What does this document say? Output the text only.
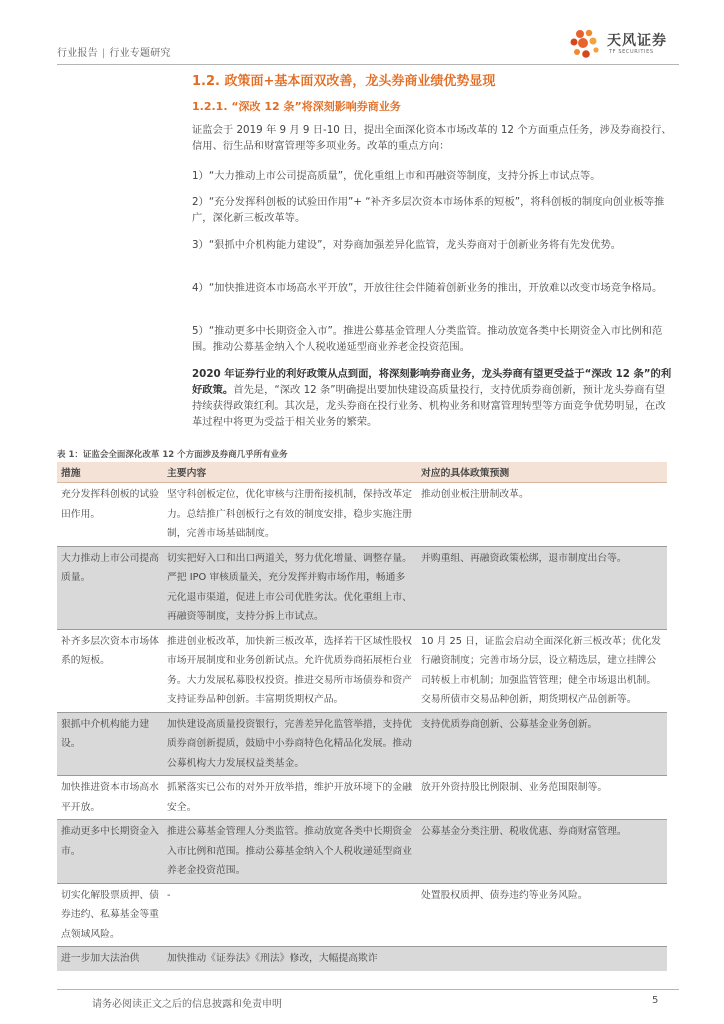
行业报告 | 行业专题研究
天风证券
TF SECURITIES
1.2. 政策面+基本面双改善，龙头券商业绩优势显现
1.2.1. “深改 12 条”将深刻影响券商业务

证监会于 2019 年 9 月 9 日-10 日，提出全面深化资本市场改革的 12 个方面重点任务，涉及券商投行、信用、衍生品和财富管理等多项业务。改革的重点方向：

1）“大力推动上市公司提高质量”，优化重组上市和再融资等制度，支持分拆上市试点等。

2）“充分发挥科创板的试验田作用”+ “补齐多层次资本市场体系的短板”，将科创板的制度向创业板等推广，深化新三板改革等。

3）“狠抓中介机构能力建设”，对券商加强差异化监管，龙头券商对于创新业务将有先发优势。

4）“加快推进资本市场高水平开放”，开放往往会伴随着创新业务的推出，开放难以改变市场竞争格局。

5）“推动更多中长期资金入市”。推进公募基金管理人分类监管。推动放宽各类中长期资金入市比例和范围。推动公募基金纳入个人税收递延型商业养老金投资范围。

2020 年证券行业的利好政策从点到面，将深刻影响券商业务，龙头券商有望更受益于“深改 12 条”的利好政策。首先是，“深改 12 条”明确提出要加快建设高质量投行，支持优质券商创新，预计龙头券商有望持续获得政策红利。其次是，龙头券商在投行业务、机构业务和财富管理转型等方面竞争优势明显，在改革过程中将更为受益于相关业务的繁荣。

表 1：证监会全面深化改革 12 个方面涉及券商几乎所有业务
措施	主要内容	对应的具体政策预测
充分发挥科创板的试验田作用。	坚守科创板定位，优化审核与注册衔接机制，保持改革定力。总结推广科创板行之有效的制度安排，稳步实施注册制，完善市场基础制度。	推动创业板注册制改革。
大力推动上市公司提高质量。	切实把好入口和出口两道关，努力优化增量、调整存量。严把 IPO 审核质量关，充分发挥并购市场作用，畅通多元化退市渠道，促进上市公司优胜劣汰。优化重组上市、再融资等制度，支持分拆上市试点。	并购重组、再融资政策松绑，退市制度出台等。
补齐多层次资本市场体系的短板。	推进创业板改革，加快新三板改革，选择若干区域性股权市场开展制度和业务创新试点。允许优质券商拓展柜台业务。大力发展私募股权投资。推进交易所市场债券和资产支持证券品种创新。丰富期货期权产品。	10 月 25 日，证监会启动全面深化新三板改革；优化发行融资制度；完善市场分层，设立精选层，建立挂牌公司转板上市机制；加强监管管理；健全市场退出机制。交易所债市交易品种创新，期货期权产品创新等。
狠抓中介机构能力建设。	加快建设高质量投资银行，完善差异化监管举措，支持优质券商创新提质，鼓励中小券商特色化精品化发展。推动公募机构大力发展权益类基金。	支持优质券商创新、公募基金业务创新。
加快推进资本市场高水平开放。	抓紧落实已公布的对外开放举措，维护开放环境下的金融安全。	放开外资持股比例限制、业务范围限制等。
推动更多中长期资金入市。	推进公募基金管理人分类监管。推动放宽各类中长期资金入市比例和范围。推动公募基金纳入个人税收递延型商业养老金投资范围。	公募基金分类注册、税收优惠、券商财富管理。
切实化解股票质押、债券违约、私募基金等重点领域风险。	-	处置股权质押、债券违约等业务风险。
进一步加大法治供	加快推动《证券法》《刑法》修改，大幅提高欺诈	
请务必阅读正文之后的信息披露和免责申明	5
